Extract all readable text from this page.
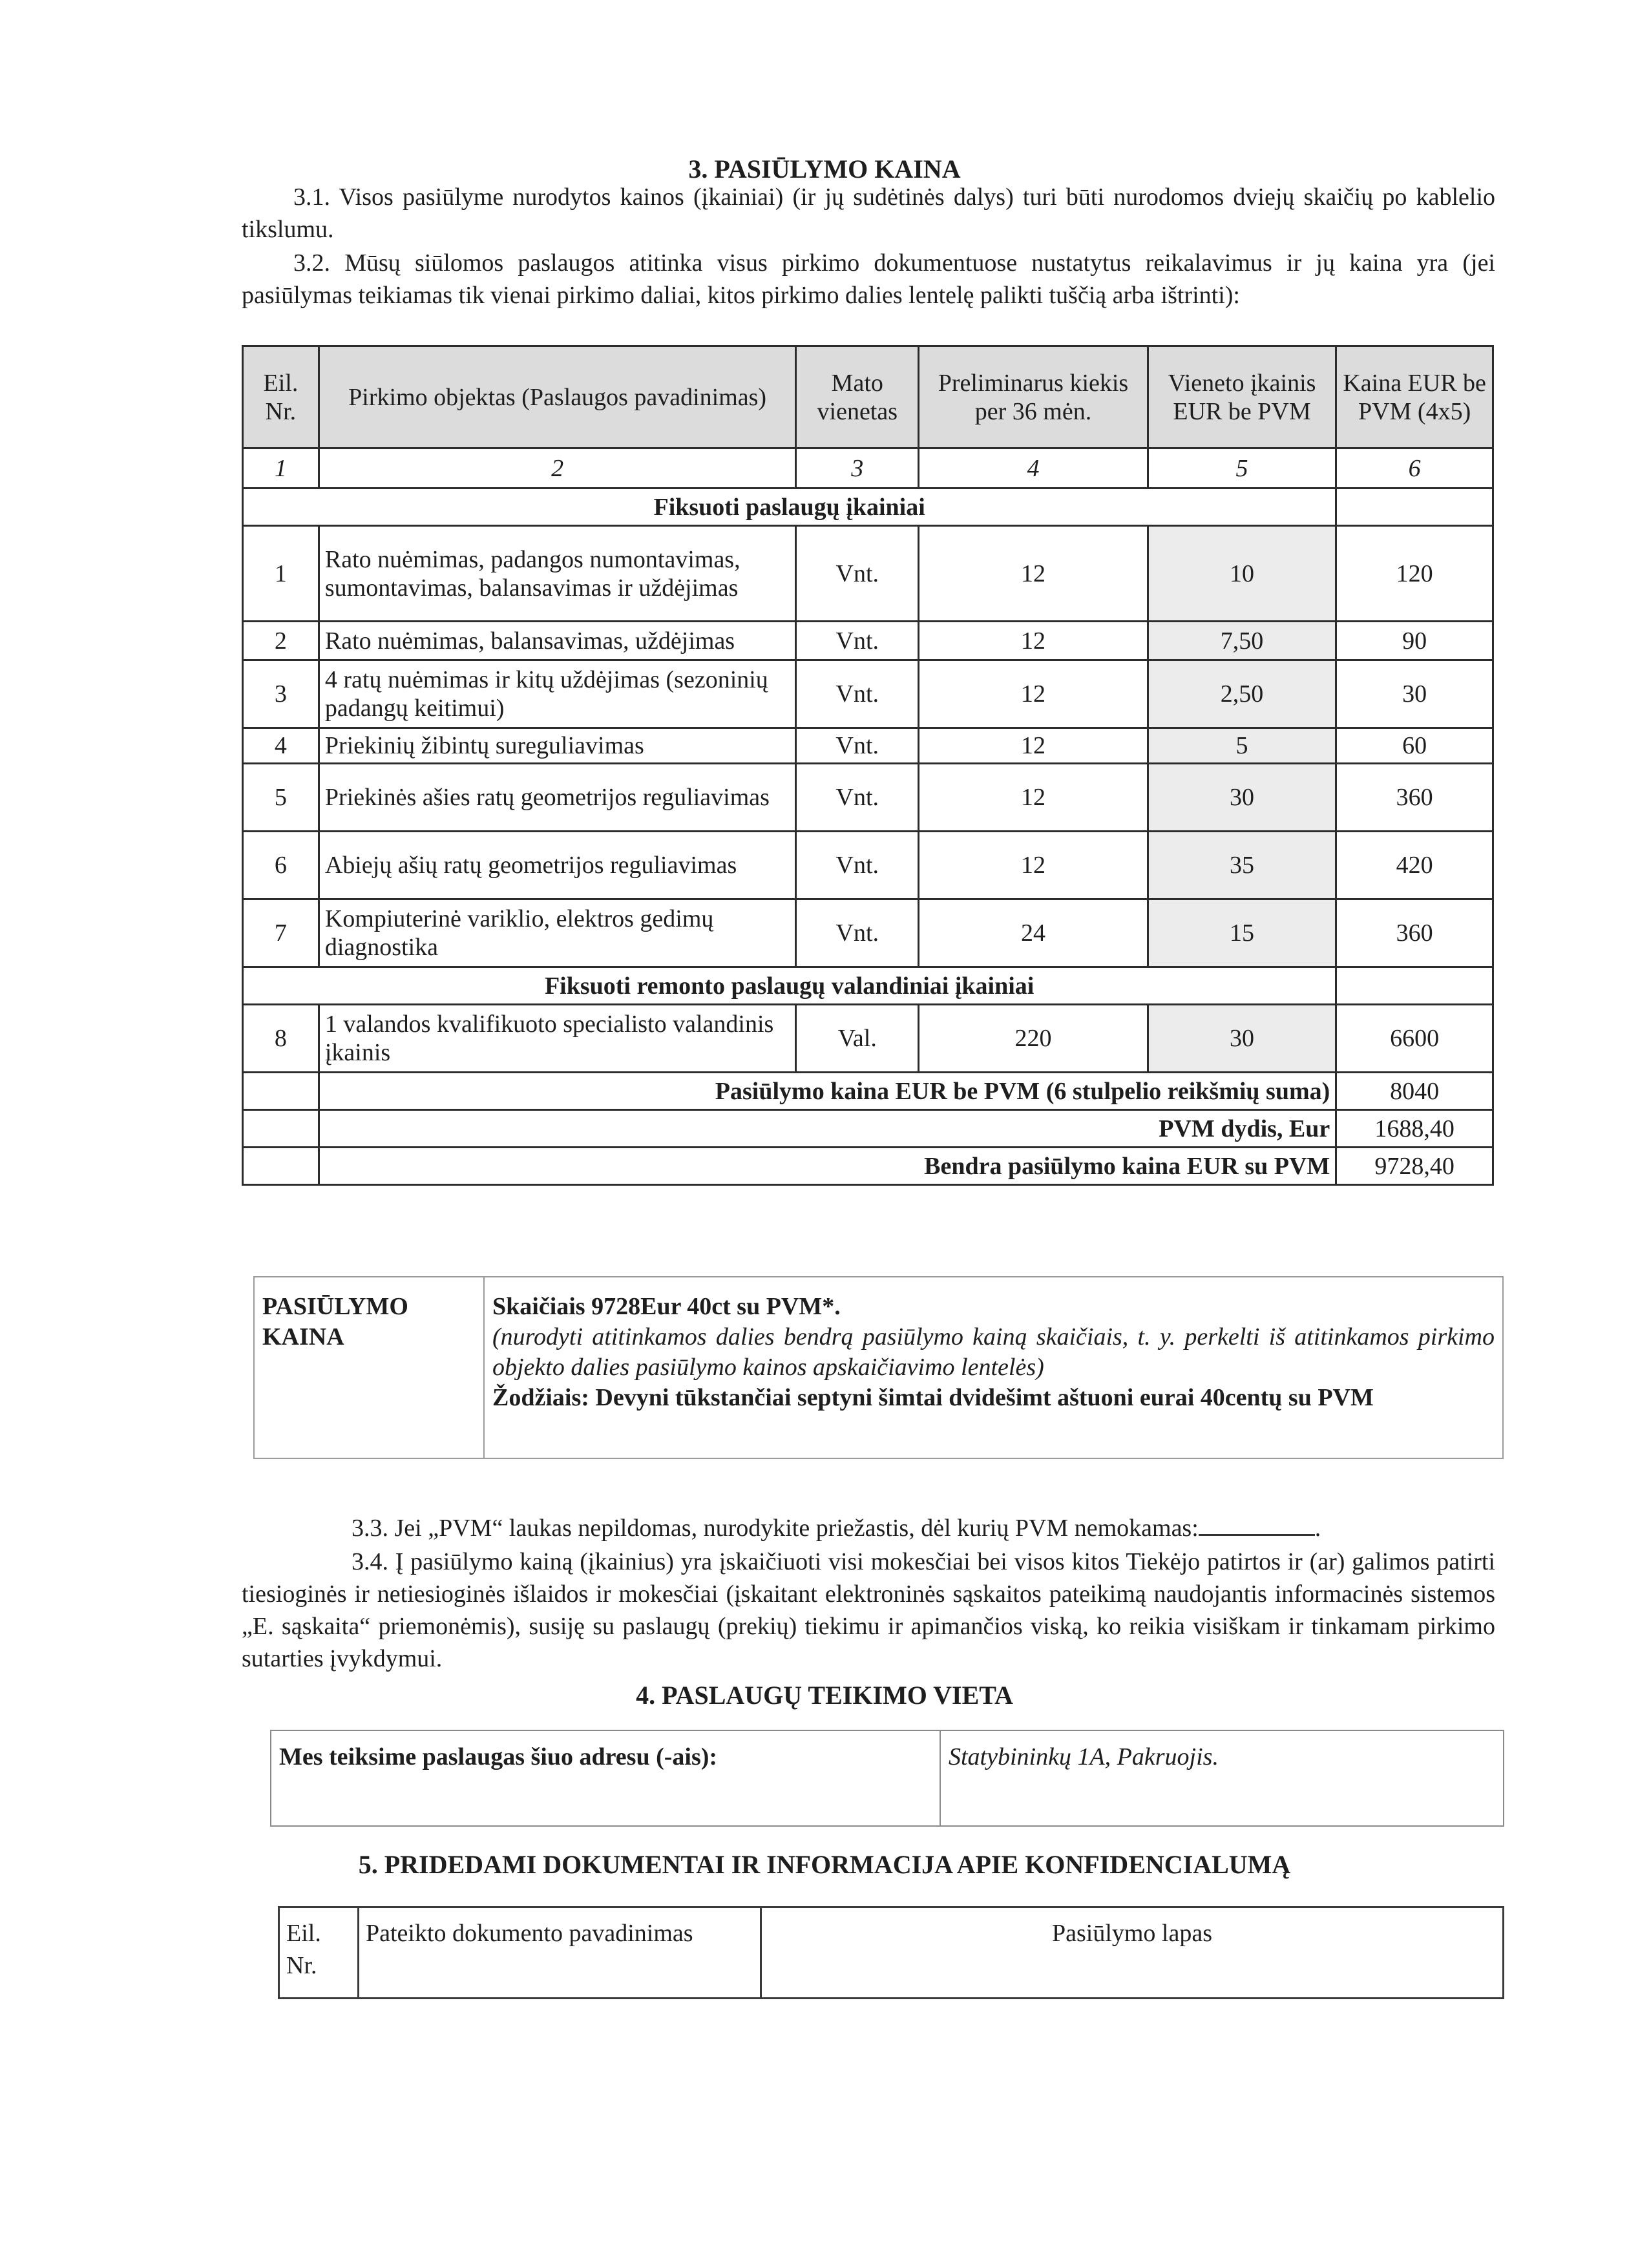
3. PASIŪLYMO KAINA
3.1. Visos pasiūlyme nurodytos kainos (įkainiai) (ir jų sudėtinės dalys) turi būti nurodomos dviejų skaičių po kablelio tikslumu.
3.2. Mūsų siūlomos paslaugos atitinka visus pirkimo dokumentuose nustatytus reikalavimus ir jų kaina yra (jei pasiūlymas teikiamas tik vienai pirkimo daliai, kitos pirkimo dalies lentelę palikti tuščią arba ištrinti):
Eil. Nr.	Pirkimo objektas (Paslaugos pavadinimas)	Mato vienetas	Preliminarus kiekis per 36 mėn.	Vieneto įkainis EUR be PVM	Kaina EUR be PVM (4x5)
1	2	3	4	5	6
Fiksuoti paslaugų įkainiai					
1	Rato nuėmimas, padangos numontavimas, sumontavimas, balansavimas ir uždėjimas	Vnt.	12	10	120
2	Rato nuėmimas, balansavimas, uždėjimas	Vnt.	12	7,50	90
3	4 ratų nuėmimas ir kitų uždėjimas (sezoninių padangų keitimui)	Vnt.	12	2,50	30
4	Priekinių žibintų sureguliavimas	Vnt.	12	5	60
5	Priekinės ašies ratų geometrijos reguliavimas	Vnt.	12	30	360
6	Abiejų ašių ratų geometrijos reguliavimas	Vnt.	12	35	420
7	Kompiuterinė variklio, elektros gedimų diagnostika	Vnt.	24	15	360
Fiksuoti remonto paslaugų valandiniai įkainiai					
8	1 valandos kvalifikuoto specialisto valandinis įkainis	Val.	220	30	6600
	Pasiūlymo kaina EUR be PVM (6 stulpelio reikšmių suma)				8040
	PVM dydis, Eur				1688,40
	Bendra pasiūlymo kaina EUR su PVM				9728,40
PASIŪLYMO KAINA	
Skaičiais 9728Eur 40ct su PVM*.
(nurodyti atitinkamos dalies bendrą pasiūlymo kainą skaičiais, t. y. perkelti iš atitinkamos pirkimo objekto dalies pasiūlymo kainos apskaičiavimo lentelės)
Žodžiais: Devyni tūkstančiai septyni šimtai dvidešimt aštuoni eurai 40centų su PVM
3.3. Jei „PVM“ laukas nepildomas, nurodykite priežastis, dėl kurių PVM nemokamas:	.
3.4. Į pasiūlymo kainą (įkainius) yra įskaičiuoti visi mokesčiai bei visos kitos Tiekėjo patirtos ir (ar) galimos patirti tiesioginės ir netiesioginės išlaidos ir mokesčiai (įskaitant elektroninės sąskaitos pateikimą naudojantis informacinės sistemos „E. sąskaita“ priemonėmis), susiję su paslaugų (prekių) tiekimu ir apimančios viską, ko reikia visiškam ir tinkamam pirkimo sutarties įvykdymui.
4. PASLAUGŲ TEIKIMO VIETA
Mes teiksime paslaugas šiuo adresu (-ais):	Statybininkų 1A, Pakruojis.
5. PRIDEDAMI DOKUMENTAI IR INFORMACIJA APIE KONFIDENCIALUMĄ
Eil. Nr.	Pateikto dokumento pavadinimas	Pasiūlymo lapas
